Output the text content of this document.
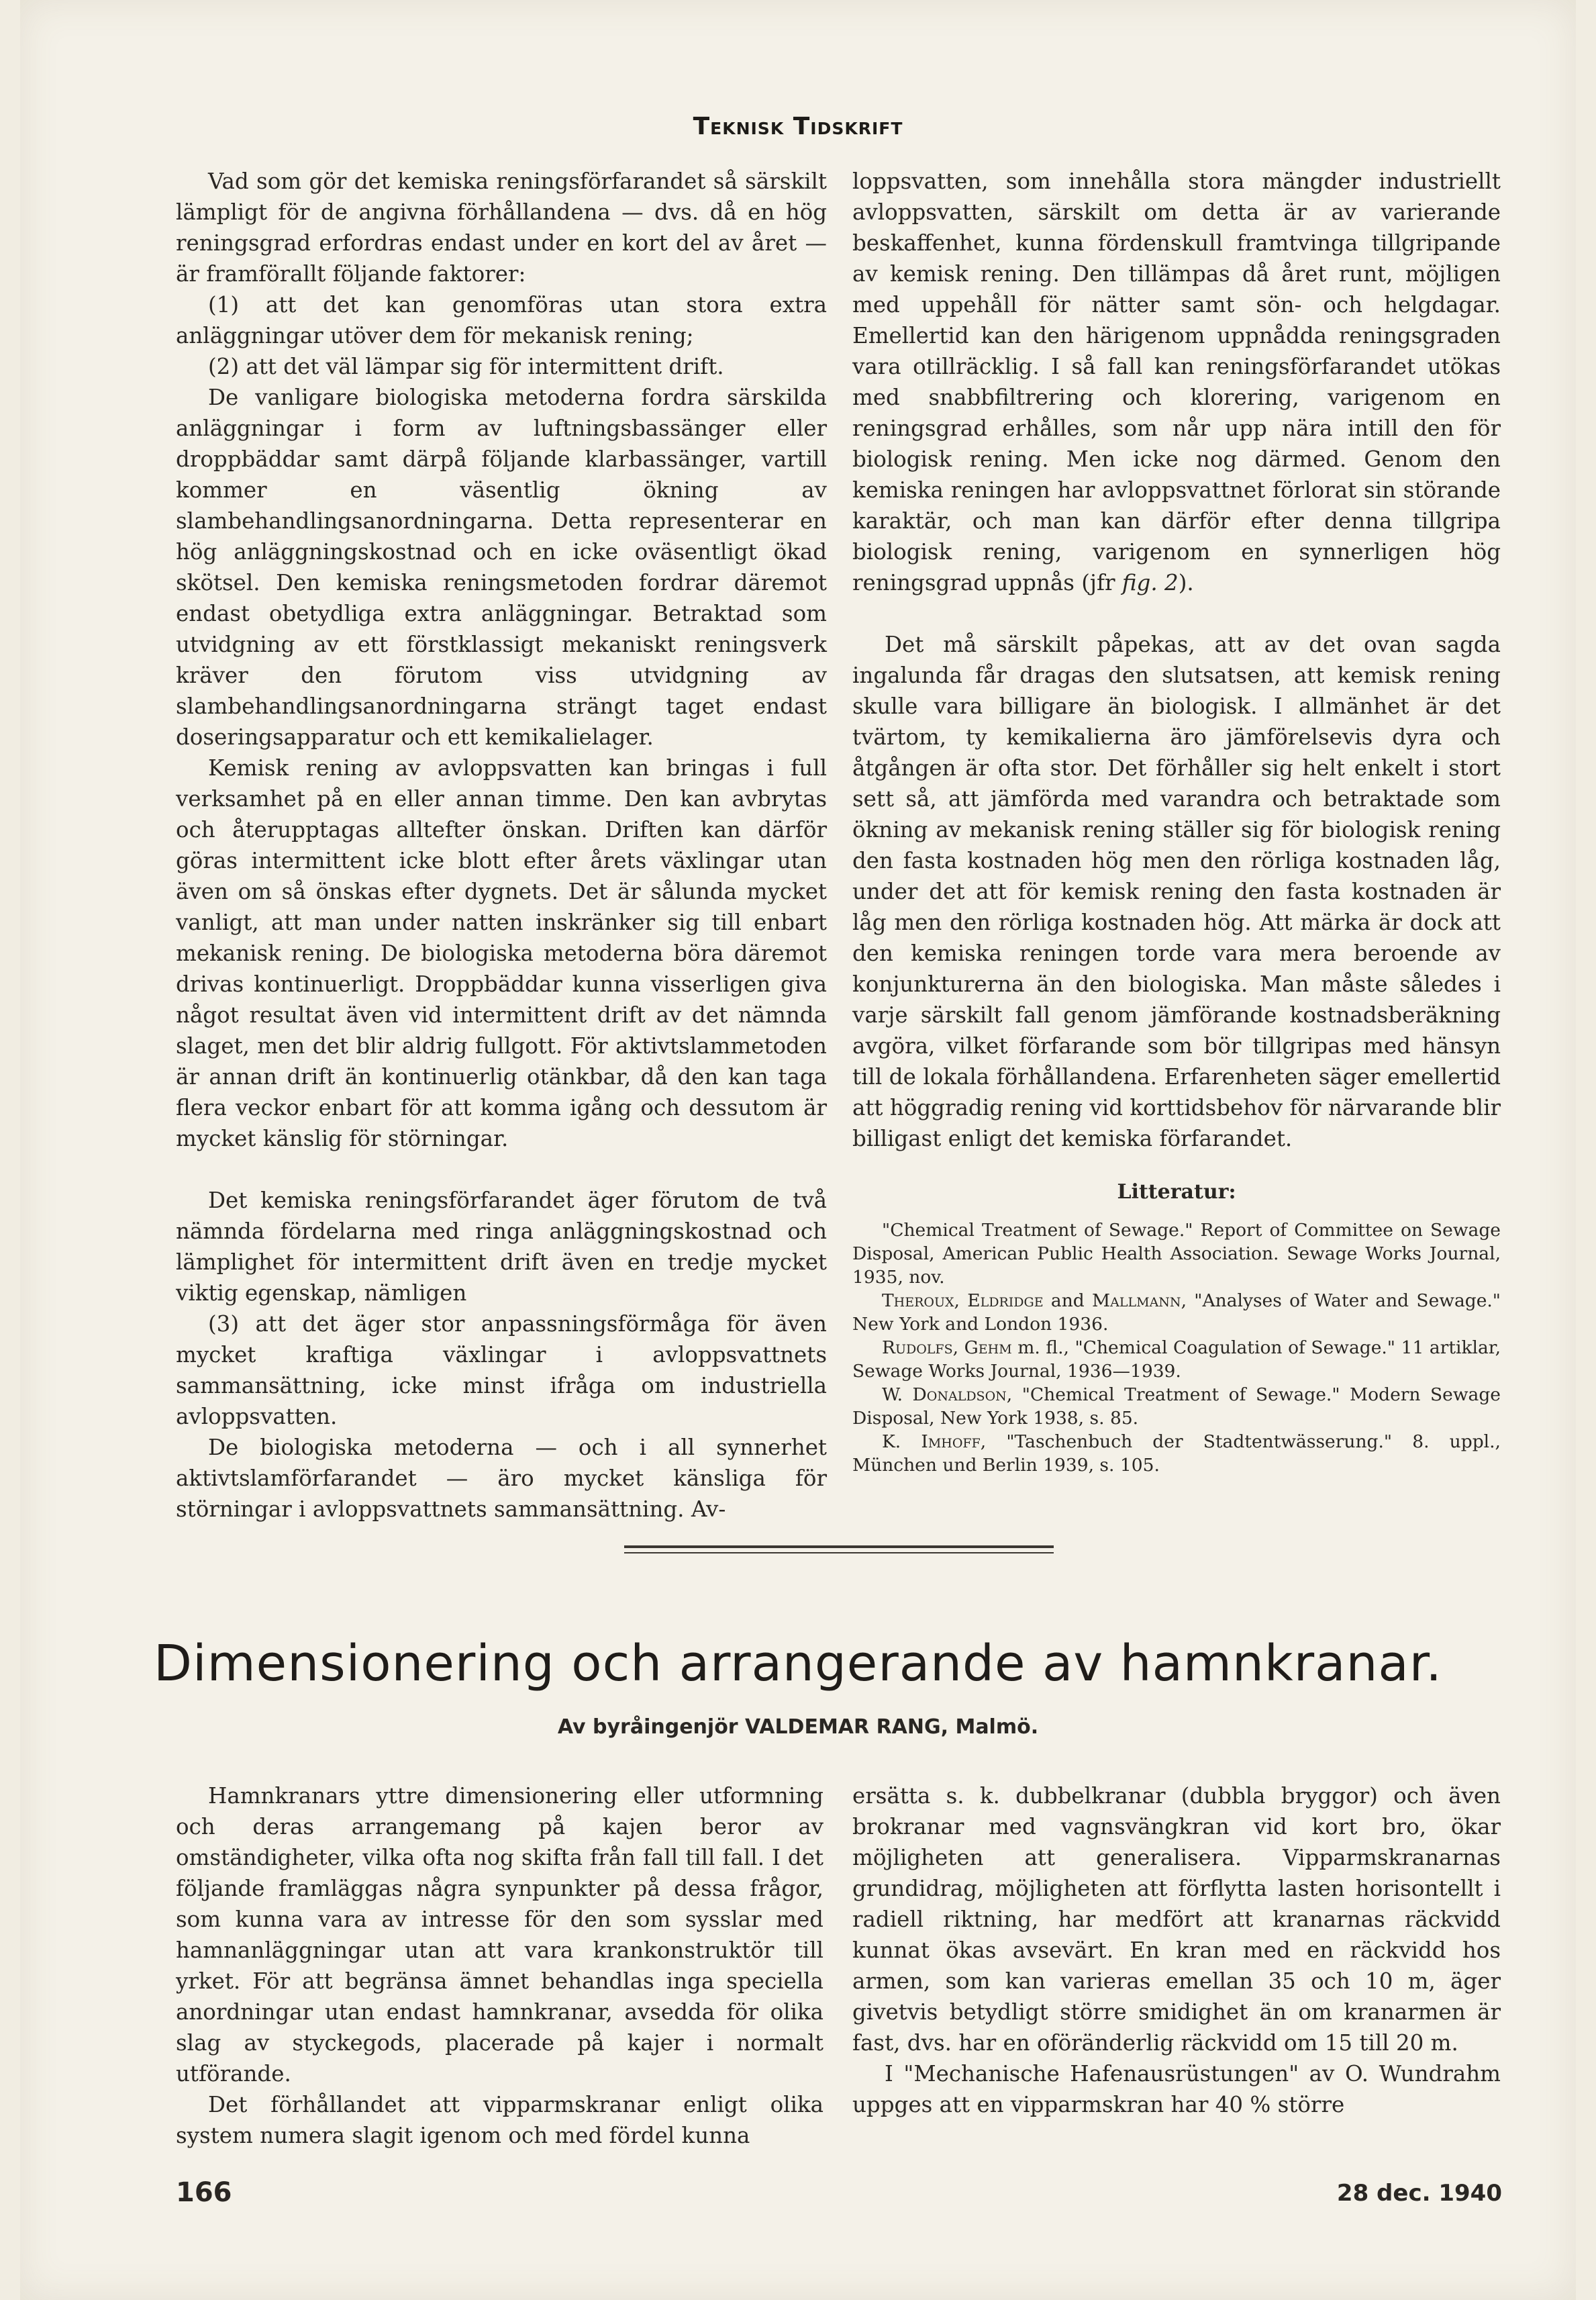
Teknisk Tidskrift

Vad som gör det kemiska reningsförfarandet så särskilt lämpligt för de angivna förhållandena — dvs. då en hög reningsgrad erfordras endast under en kort del av året — är framförallt följande faktorer:

(1) att det kan genomföras utan stora extra anläggningar utöver dem för mekanisk rening;

(2) att det väl lämpar sig för intermittent drift.

De vanligare biologiska metoderna fordra särskilda anläggningar i form av luftningsbassänger eller droppbäddar samt därpå följande klarbassänger, vartill kommer en väsentlig ökning av slambehandlingsanordningarna. Detta representerar en hög anläggningskostnad och en icke oväsentligt ökad skötsel. Den kemiska reningsmetoden fordrar däremot endast obetydliga extra anläggningar. Betraktad som utvidgning av ett förstklassigt mekaniskt reningsverk kräver den förutom viss utvidgning av slambehandlingsanordningarna strängt taget endast doseringsapparatur och ett kemikalielager.

Kemisk rening av avloppsvatten kan bringas i full verksamhet på en eller annan timme. Den kan avbrytas och återupptagas alltefter önskan. Driften kan därför göras intermittent icke blott efter årets växlingar utan även om så önskas efter dygnets. Det är sålunda mycket vanligt, att man under natten inskränker sig till enbart mekanisk rening. De biologiska metoderna böra däremot drivas kontinuerligt. Droppbäddar kunna visserligen giva något resultat även vid intermittent drift av det nämnda slaget, men det blir aldrig fullgott. För aktivtslammetoden är annan drift än kontinuerlig otänkbar, då den kan taga flera veckor enbart för att komma igång och dessutom är mycket känslig för störningar.

Det kemiska reningsförfarandet äger förutom de två nämnda fördelarna med ringa anläggningskostnad och lämplighet för intermittent drift även en tredje mycket viktig egenskap, nämligen

(3) att det äger stor anpassningsförmåga för även mycket kraftiga växlingar i avloppsvattnets sammansättning, icke minst ifråga om industriella avloppsvatten.

De biologiska metoderna — och i all synnerhet aktivtslamförfarandet — äro mycket känsliga för störningar i avloppsvattnets sammansättning. Av-

loppsvatten, som innehålla stora mängder industriellt avloppsvatten, särskilt om detta är av varierande beskaffenhet, kunna fördenskull framtvinga tillgripande av kemisk rening. Den tillämpas då året runt, möjligen med uppehåll för nätter samt sön- och helgdagar. Emellertid kan den härigenom uppnådda reningsgraden vara otillräcklig. I så fall kan reningsförfarandet utökas med snabbfiltrering och klorering, varigenom en reningsgrad erhålles, som når upp nära intill den för biologisk rening. Men icke nog därmed. Genom den kemiska reningen har avloppsvattnet förlorat sin störande karaktär, och man kan därför efter denna tillgripa biologisk rening, varigenom en synnerligen hög reningsgrad uppnås (jfr fig. 2).

Det må särskilt påpekas, att av det ovan sagda ingalunda får dragas den slutsatsen, att kemisk rening skulle vara billigare än biologisk. I allmänhet är det tvärtom, ty kemikalierna äro jämförelsevis dyra och åtgången är ofta stor. Det förhåller sig helt enkelt i stort sett så, att jämförda med varandra och betraktade som ökning av mekanisk rening ställer sig för biologisk rening den fasta kostnaden hög men den rörliga kostnaden låg, under det att för kemisk rening den fasta kostnaden är låg men den rörliga kostnaden hög. Att märka är dock att den kemiska reningen torde vara mera beroende av konjunkturerna än den biologiska. Man måste således i varje särskilt fall genom jämförande kostnadsberäkning avgöra, vilket förfarande som bör tillgripas med hänsyn till de lokala förhållandena. Erfarenheten säger emellertid att höggradig rening vid korttidsbehov för närvarande blir billigast enligt det kemiska förfarandet.

Litteratur:

"Chemical Treatment of Sewage." Report of Committee on Sewage Disposal, American Public Health Association. Sewage Works Journal, 1935, nov.

Theroux, Eldridge and Mallmann, "Analyses of Water and Sewage." New York and London 1936.

Rudolfs, Gehm m. fl., "Chemical Coagulation of Sewage." 11 artiklar, Sewage Works Journal, 1936—1939.

W. Donaldson, "Chemical Treatment of Sewage." Modern Sewage Disposal, New York 1938, s. 85.

K. Imhoff, "Taschenbuch der Stadtentwässerung." 8. uppl., München und Berlin 1939, s. 105.

Dimensionering och arrangerande av hamnkranar.
Av byråingenjör VALDEMAR RANG, Malmö.

Hamnkranars yttre dimensionering eller utformning och deras arrangemang på kajen beror av omständigheter, vilka ofta nog skifta från fall till fall. I det följande framläggas några synpunkter på dessa frågor, som kunna vara av intresse för den som sysslar med hamnanläggningar utan att vara krankonstruktör till yrket. För att begränsa ämnet behandlas inga speciella anordningar utan endast hamnkranar, avsedda för olika slag av styckegods, placerade på kajer i normalt utförande.

Det förhållandet att vipparmskranar enligt olika system numera slagit igenom och med fördel kunna

ersätta s. k. dubbelkranar (dubbla bryggor) och även brokranar med vagnsvängkran vid kort bro, ökar möjligheten att generalisera. Vipparmskranarnas grundidrag, möjligheten att förflytta lasten horisontellt i radiell riktning, har medfört att kranarnas räckvidd kunnat ökas avsevärt. En kran med en räckvidd hos armen, som kan varieras emellan 35 och 10 m, äger givetvis betydligt större smidighet än om kranarmen är fast, dvs. har en oföränderlig räckvidd om 15 till 20 m.

I "Mechanische Hafenausrüstungen" av O. Wundrahm uppges att en vipparmskran har 40 % större

166	28 dec. 1940
